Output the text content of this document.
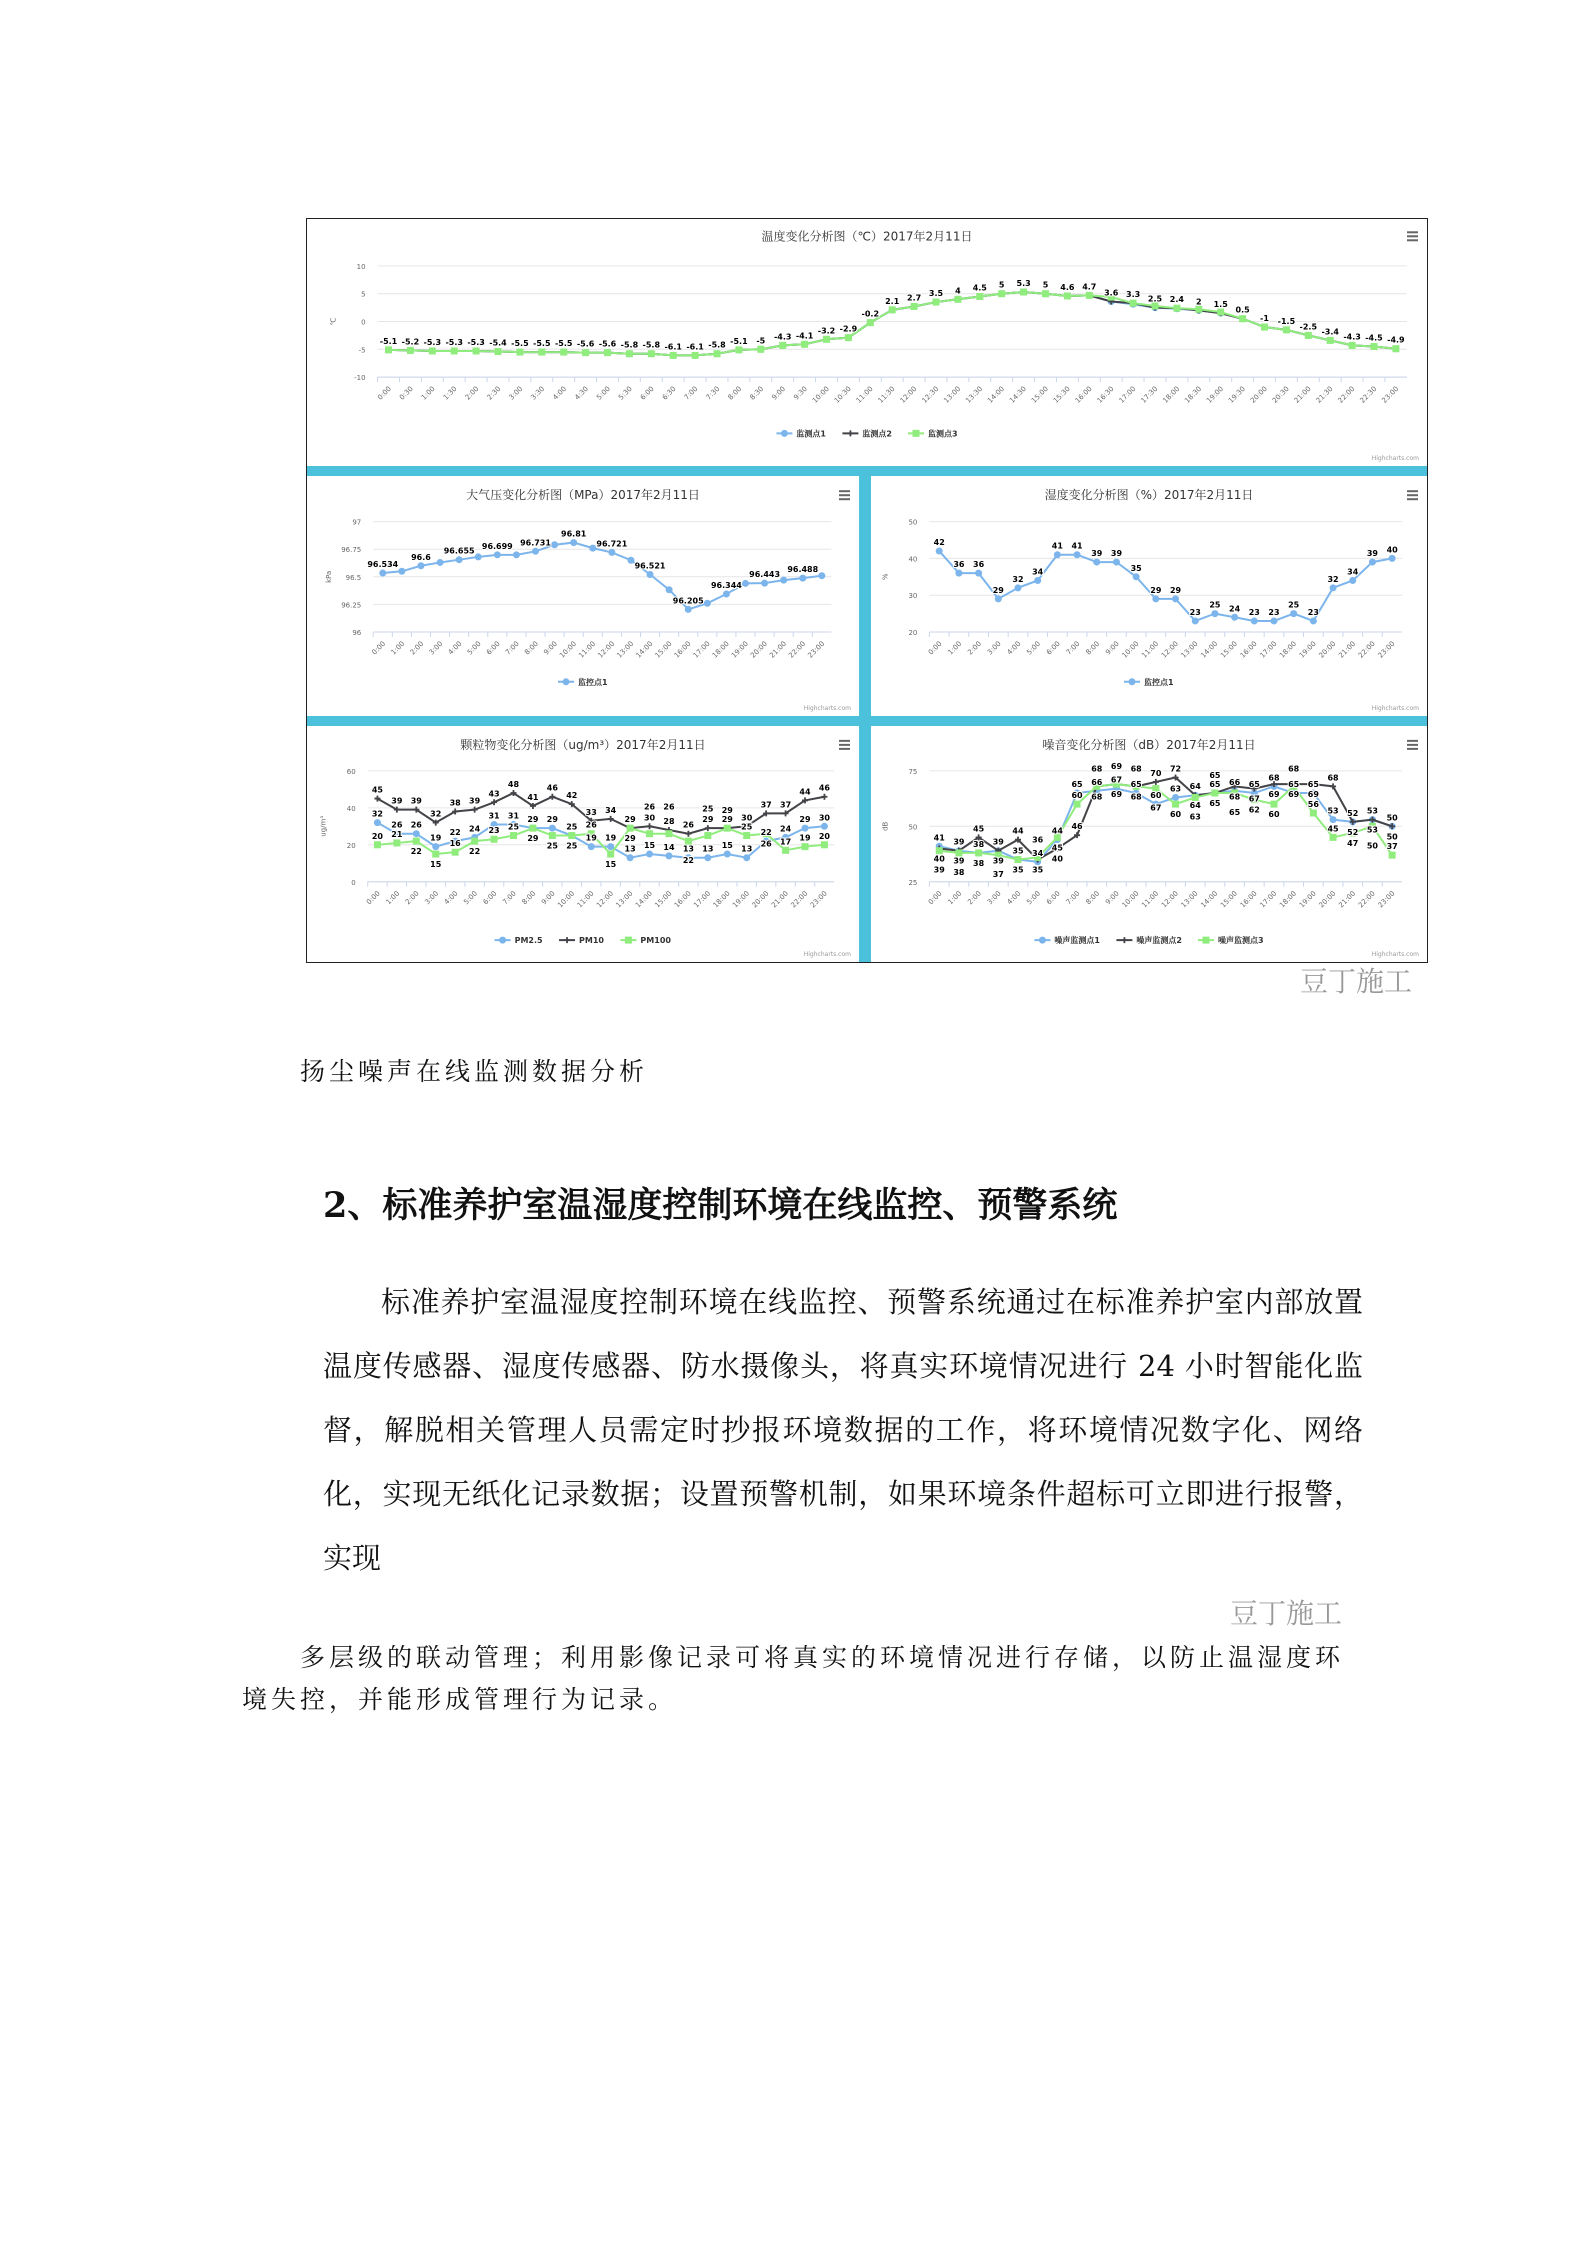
温度变化分析图（℃）2017年2月11日
Highcharts.com
-10
-5
0
5
10
℃
0:00 0:30 1:00 1:30 2:00 2:30 3:00 3:30 4:00 4:30 5:00 5:30 6:00 6:30 7:00 7:30 8:00 8:30 9:00 9:30 10:00 10:30 11:00 11:30 12:00 12:30 13:00 13:30 14:00 14:30 15:00 15:30 16:00 16:30 17:00 17:30 18:00 18:30 19:00 19:30 20:00 20:30 21:00 21:30 22:00 22:30 23:00
监测点1	监测点2	监测点3
-5.1 -5.2 -5.3 -5.3 -5.3 -5.4 -5.5 -5.5 -5.5 -5.6 -5.6 -5.8 -5.8 -6.1 -6.1 -5.8 -5.1 -5 -4.3 -4.1
-3.2 -2.9
-0.2
2.1 2.7 3.5 4 4.5 5 5.3 5 4.6 4.7
3.6 3.3 2.5 2.4 2 1.5
0.5
-1 -1.5
-2.5
-3.4
-4.3 -4.5 -4.9
大气压变化分析图（MPa）2017年2月11日
Highcharts.com
96
96.25
96.5
96.75
97
kPa
0:00 1:00 2:00 3:00 4:00 5:00 6:00 7:00 8:00 9:00 10:00 11:00 12:00 13:00 14:00 15:00 16:00 17:00 18:00 19:00 20:00 21:00 22:00 23:00
监控点1
96.534
96.6
96.655
96.699 96.731
96.81
96.721
96.521
96.205
96.344
96.443
96.488
湿度变化分析图（%）2017年2月11日
Highcharts.com
20
30
40
50
%
0:00 1:00 2:00 3:00 4:00 5:00 6:00 7:00 8:00 9:00 10:00 11:00 12:00 13:00 14:00 15:00 16:00 17:00 18:00 19:00 20:00 21:00 22:00 23:00
监控点1
42
36 36
29
32
34
41 41
39 39
35
29 29
23
25 24 23 23
25
23
32
34
39 40
颗粒物变化分析图（ug/m³）2017年2月11日
Highcharts.com
0
20
40
60
ug/m³
0:00 1:00 2:00 3:00 4:00 5:00 6:00 7:00 8:00 9:00 10:00 11:00 12:00 13:00 14:00 15:00 16:00 17:00 18:00 19:00 20:00 21:00 22:00 23:00
PM2.5	PM10	PM100
32
26 26
19
22 24
31 31 29 29
25
19 19
13 15 14 13 13 15 13
22 24
29 30
45
39 39
32
38 39
43
48
41
46
42
33 34
29 30 28 26
29 29 30
37 37
44 46
20 21
22
15
16
22
23 25
29
25 25
26
15
29
26 26
22
25 29
25
26 17 19 20
噪音变化分析图（dB）2017年2月11日
Highcharts.com
25
50
75
dB
0:00 1:00 2:00 3:00 4:00 5:00 6:00 7:00 8:00 9:00 10:00 11:00 12:00 13:00 14:00 15:00 16:00 17:00 18:00 19:00 20:00 21:00 22:00 23:00
噪声监测点1	噪声监测点2	噪声监测点3
41 39 38 39
35 34
44
65 66 67 65
60
63 64 65 66 65
68
65 65
53 52 53
50
40 39
45
39
44
35
40
46
68 69 68
70 72
64 65
68 67 69 69 69
68
52 53
50
39 38
38
37
35
36
45
60
68 69 68
67
60 63
65
65 62 60
68
56
45
47 50 37
豆丁施工
扬尘噪声在线监测数据分析
2、标准养护室温湿度控制环境在线监控、预警系统
标准养护室温湿度控制环境在线监控、预警系统通过在标准养护室内部放置温度传感器、湿度传感器、防水摄像头，将真实环境情况进行 24 小时智能化监督，解脱相关管理人员需定时抄报环境数据的工作，将环境情况数字化、网络化，实现无纸化记录数据；设置预警机制，如果环境条件超标可立即进行报警，实现
豆丁施工
多层级的联动管理；利用影像记录可将真实的环境情况进行存储，以防止温湿度环境失控，并能形成管理行为记录。
